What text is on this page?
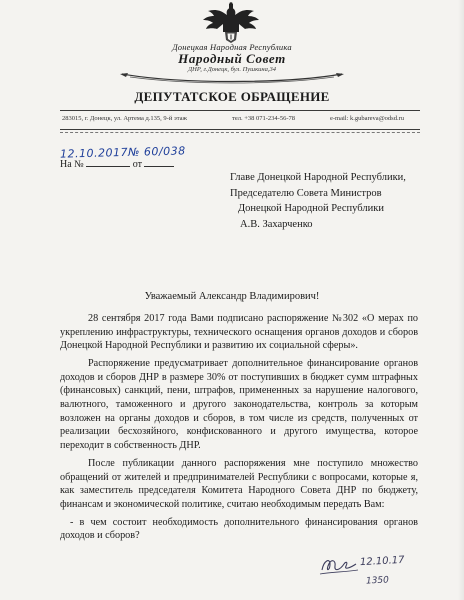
Донецкая Народная Республика
Народный Совет
ДНР, г.Донецк, бул. Пушкина,34
ДЕПУТАТСКОЕ ОБРАЩЕНИЕ
283015, г. Донецк, ул. Артема д.135, 9-й этаж	тел. +38 071-234-56-78	e-mail: k.gubareva@odsd.ru
12.10.2017№ 60/038
На №	от
Главе Донецкой Народной Республики,
Председателю Совета Министров
Донецкой Народной Республики
А.В. Захарченко
Уважаемый Александр Владимирович!

28 сентября 2017 года Вами подписано распоряжение №302 «О мерах по укреплению инфраструктуры, технического оснащения органов доходов и сборов Донецкой Народной Республики и развитию их социальной сферы».

Распоряжение предусматривает дополнительное финансирование органов доходов и сборов ДНР в размере 30% от поступивших в бюджет сумм штрафных (финансовых) санкций, пени, штрафов, примененных за нарушение налогового, валютного, таможенного и другого законодательства, контроль за которым возложен на органы доходов и сборов, в том числе из средств, полученных от реализации бесхозяйного, конфискованного и другого имущества, которое переходит в собственность ДНР.

После публикации данного распоряжения мне поступило множество обращений от жителей и предпринимателей Республики с вопросами, которые я, как заместитель председателя Комитета Народного Совета ДНР по бюджету, финансам и экономической политике, считаю необходимым передать Вам:

- в чем состоит необходимость дополнительного финансирования органов доходов и сборов?

12.10.17
1350
